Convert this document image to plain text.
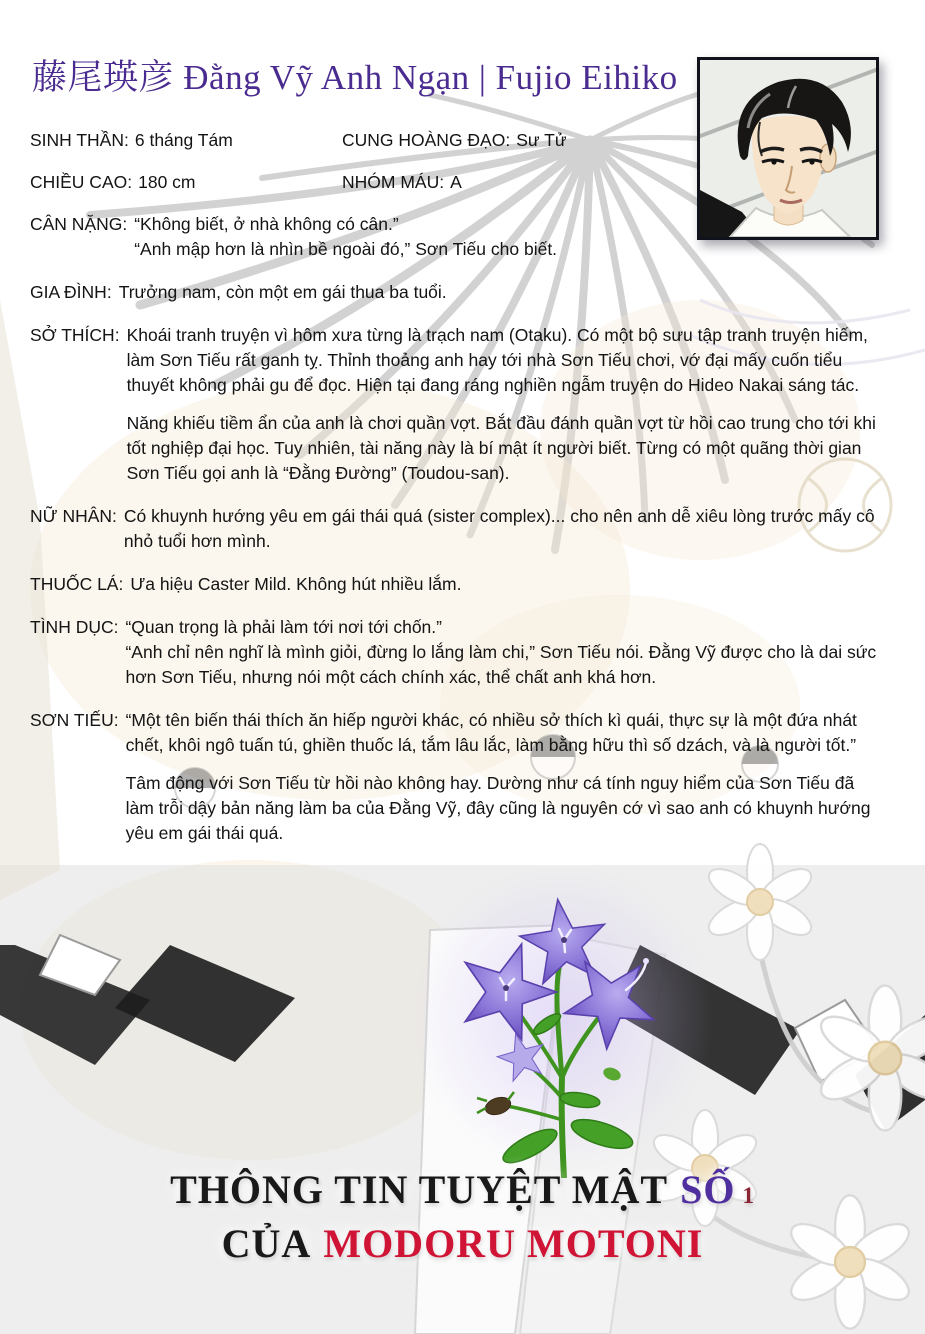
藤尾瑛彦 Đằng Vỹ Anh Ngạn | Fujio Eihiko
SINH THẦN: 6 tháng Tám	CUNG HOÀNG ĐẠO: Sư Tử
CHIỀU CAO: 180 cm	NHÓM MÁU: A
CÂN NẶNG: “Không biết, ở nhà không có cân.”
“Anh mập hơn là nhìn bề ngoài đó,” Sơn Tiếu cho biết.
GIA ĐÌNH: Trưởng nam, còn một em gái thua ba tuổi.
SỞ THÍCH: Khoái tranh truyện vì hôm xưa từng là trạch nam (Otaku). Có một bộ sưu tập tranh truyện hiếm, làm Sơn Tiếu rất ganh tỵ. Thỉnh thoảng anh hay tới nhà Sơn Tiếu chơi, vớ đại mấy cuốn tiểu thuyết không phải gu để đọc. Hiện tại đang ráng nghiền ngẫm truyện do Hideo Nakai sáng tác.
Năng khiếu tiềm ẩn của anh là chơi quần vợt. Bắt đầu đánh quần vợt từ hồi cao trung cho tới khi tốt nghiệp đại học. Tuy nhiên, tài năng này là bí mật ít người biết. Từng có một quãng thời gian Sơn Tiếu gọi anh là “Đằng Đường” (Toudou-san).
NỮ NHÂN: Có khuynh hướng yêu em gái thái quá (sister complex)... cho nên anh dễ xiêu lòng trước mấy cô nhỏ tuổi hơn mình.
THUỐC LÁ: Ưa hiệu Caster Mild. Không hút nhiều lắm.
TÌNH DỤC: “Quan trọng là phải làm tới nơi tới chốn.”
“Anh chỉ nên nghĩ là mình giỏi, đừng lo lắng làm chi,” Sơn Tiếu nói. Đằng Vỹ được cho là dai sức hơn Sơn Tiếu, nhưng nói một cách chính xác, thể chất anh khá hơn.
SƠN TIẾU: “Một tên biến thái thích ăn hiếp người khác, có nhiều sở thích kì quái, thực sự là một đứa nhát chết, khôi ngô tuấn tú, ghiền thuốc lá, tắm lâu lắc, làm bằng hữu thì số dzách, và là người tốt.”
Tâm động với Sơn Tiếu từ hồi nào không hay. Dường như cá tính nguy hiểm của Sơn Tiếu đã làm trỗi dậy bản năng làm ba của Đằng Vỹ, đây cũng là nguyên cớ vì sao anh có khuynh hướng yêu em gái thái quá.
THÔNG TIN TUYỆT MẬT SỐ 1
CỦA MODORU MOTONI
